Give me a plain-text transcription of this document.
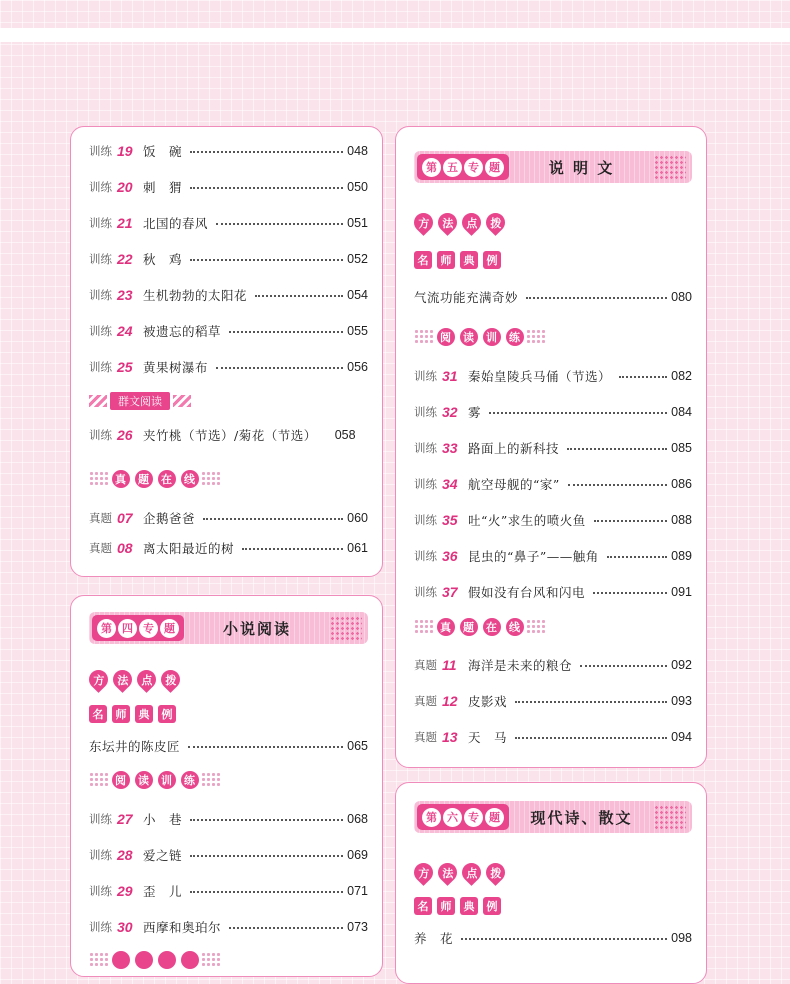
训练 19 饭　碗	048
训练 20 刺　猬	050
训练 21 北国的春风	051
训练 22 秋　鸡	052
训练 23 生机勃勃的太阳花	054
训练 24 被遗忘的稻草	055
训练 25 黄果树瀑布	056
群文阅读
训练 26 夹竹桃（节选）/菊花（节选） 058
真	题	在	线
真题 07 企鹅爸爸	060
真题 08 离太阳最近的树	061
第 四 专 题	小说阅读
方 法 点 拨
名	师	典	例
东坛井的陈皮匠	065
阅	读	训	练
训练 27 小　巷	068
训练 28 爱之链	069
训练 29 歪　儿	071
训练 30 西摩和奥珀尔	073
第 五 专 题	说 明 文
方 法 点 拨
名	师	典	例
气流功能充满奇妙	080
阅	读	训	练
训练 31 秦始皇陵兵马俑（节选）	082
训练 32 雾	084
训练 33 路面上的新科技	085
训练 34 航空母舰的“家”	086
训练 35 吐“火”求生的喷火鱼	088
训练 36 昆虫的“鼻子”——触角	089
训练 37 假如没有台风和闪电	091
真	题	在	线
真题 11 海洋是未来的粮仓	092
真题 12 皮影戏	093
真题 13 天　马	094
第 六 专 题	现代诗、散文
方 法 点 拨
名	师	典	例
养　花	098
